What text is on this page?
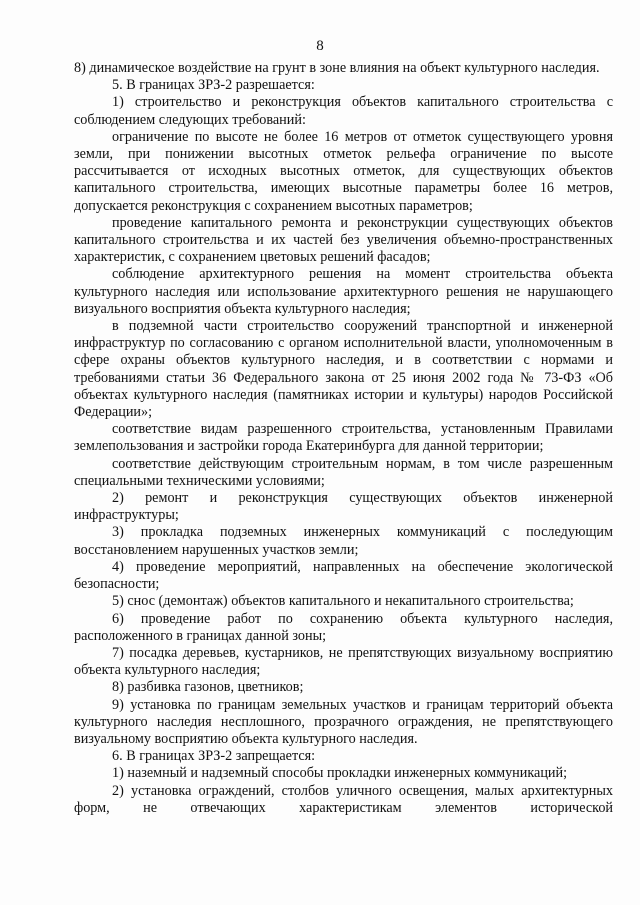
8

8) динамическое воздействие на грунт в зоне влияния на объект культурного наследия.

5. В границах ЗРЗ-2 разрешается:

1) строительство и реконструкция объектов капитального строительства с соблюдением следующих требований:

ограничение по высоте не более 16 метров от отметок существующего уровня земли, при понижении высотных отметок рельефа ограничение по высоте рассчитывается от исходных высотных отметок, для существующих объектов капитального строительства, имеющих высотные параметры более 16 метров, допускается реконструкция с сохранением высотных параметров;

проведение капитального ремонта и реконструкции существующих объектов капитального строительства и их частей без увеличения объемно-пространственных характеристик, с сохранением цветовых решений фасадов;

соблюдение архитектурного решения на момент строительства объекта культурного наследия или использование архитектурного решения не нарушающего визуального восприятия объекта культурного наследия;

в подземной части строительство сооружений транспортной и инженерной инфраструктур по согласованию с органом исполнительной власти, уполномоченным в сфере охраны объектов культурного наследия, и в соответствии с нормами и требованиями статьи 36 Федерального закона от 25 июня 2002 года № 73-ФЗ «Об объектах культурного наследия (памятниках истории и культуры) народов Российской Федерации»;

соответствие видам разрешенного строительства, установленным Правилами землепользования и застройки города Екатеринбурга для данной территории;

соответствие действующим строительным нормам, в том числе разрешенным специальными техническими условиями;

2) ремонт и реконструкция существующих объектов инженерной инфраструктуры;

3) прокладка подземных инженерных коммуникаций с последующим восстановлением нарушенных участков земли;

4) проведение мероприятий, направленных на обеспечение экологической безопасности;

5) снос (демонтаж) объектов капитального и некапитального строительства;

6) проведение работ по сохранению объекта культурного наследия, расположенного в границах данной зоны;

7) посадка деревьев, кустарников, не препятствующих визуальному восприятию объекта культурного наследия;

8) разбивка газонов, цветников;

9) установка по границам земельных участков и границам территорий объекта культурного наследия несплошного, прозрачного ограждения, не препятствующего визуальному восприятию объекта культурного наследия.

6. В границах ЗРЗ-2 запрещается:

1) наземный и надземный способы прокладки инженерных коммуникаций;

2) установка ограждений, столбов уличного освещения, малых архитектурных форм, не отвечающих характеристикам элементов исторической
